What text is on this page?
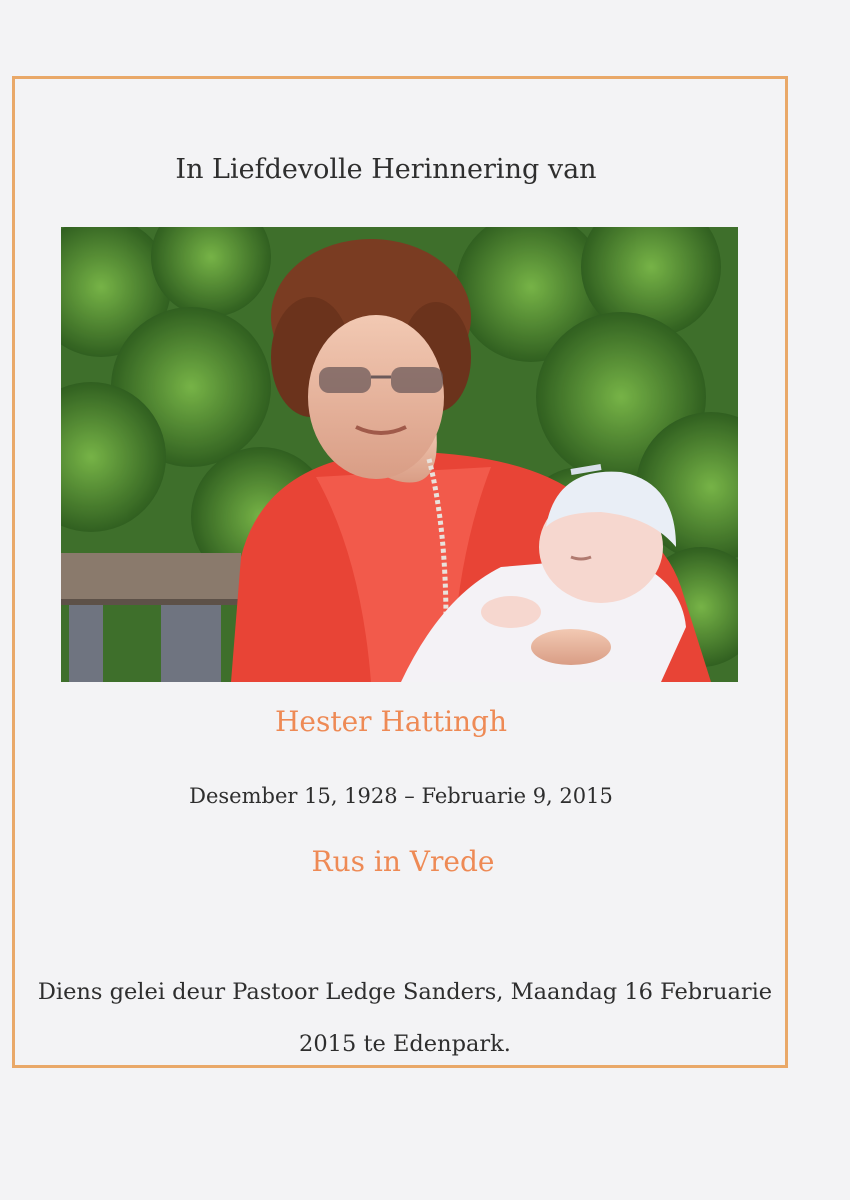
In Liefdevolle Herinnering van
Hester Hattingh
Desember 15, 1928 – Februarie 9, 2015
Rus in Vrede
Diens gelei deur Pastoor Ledge Sanders, Maandag 16 Februarie
2015 te Edenpark.
